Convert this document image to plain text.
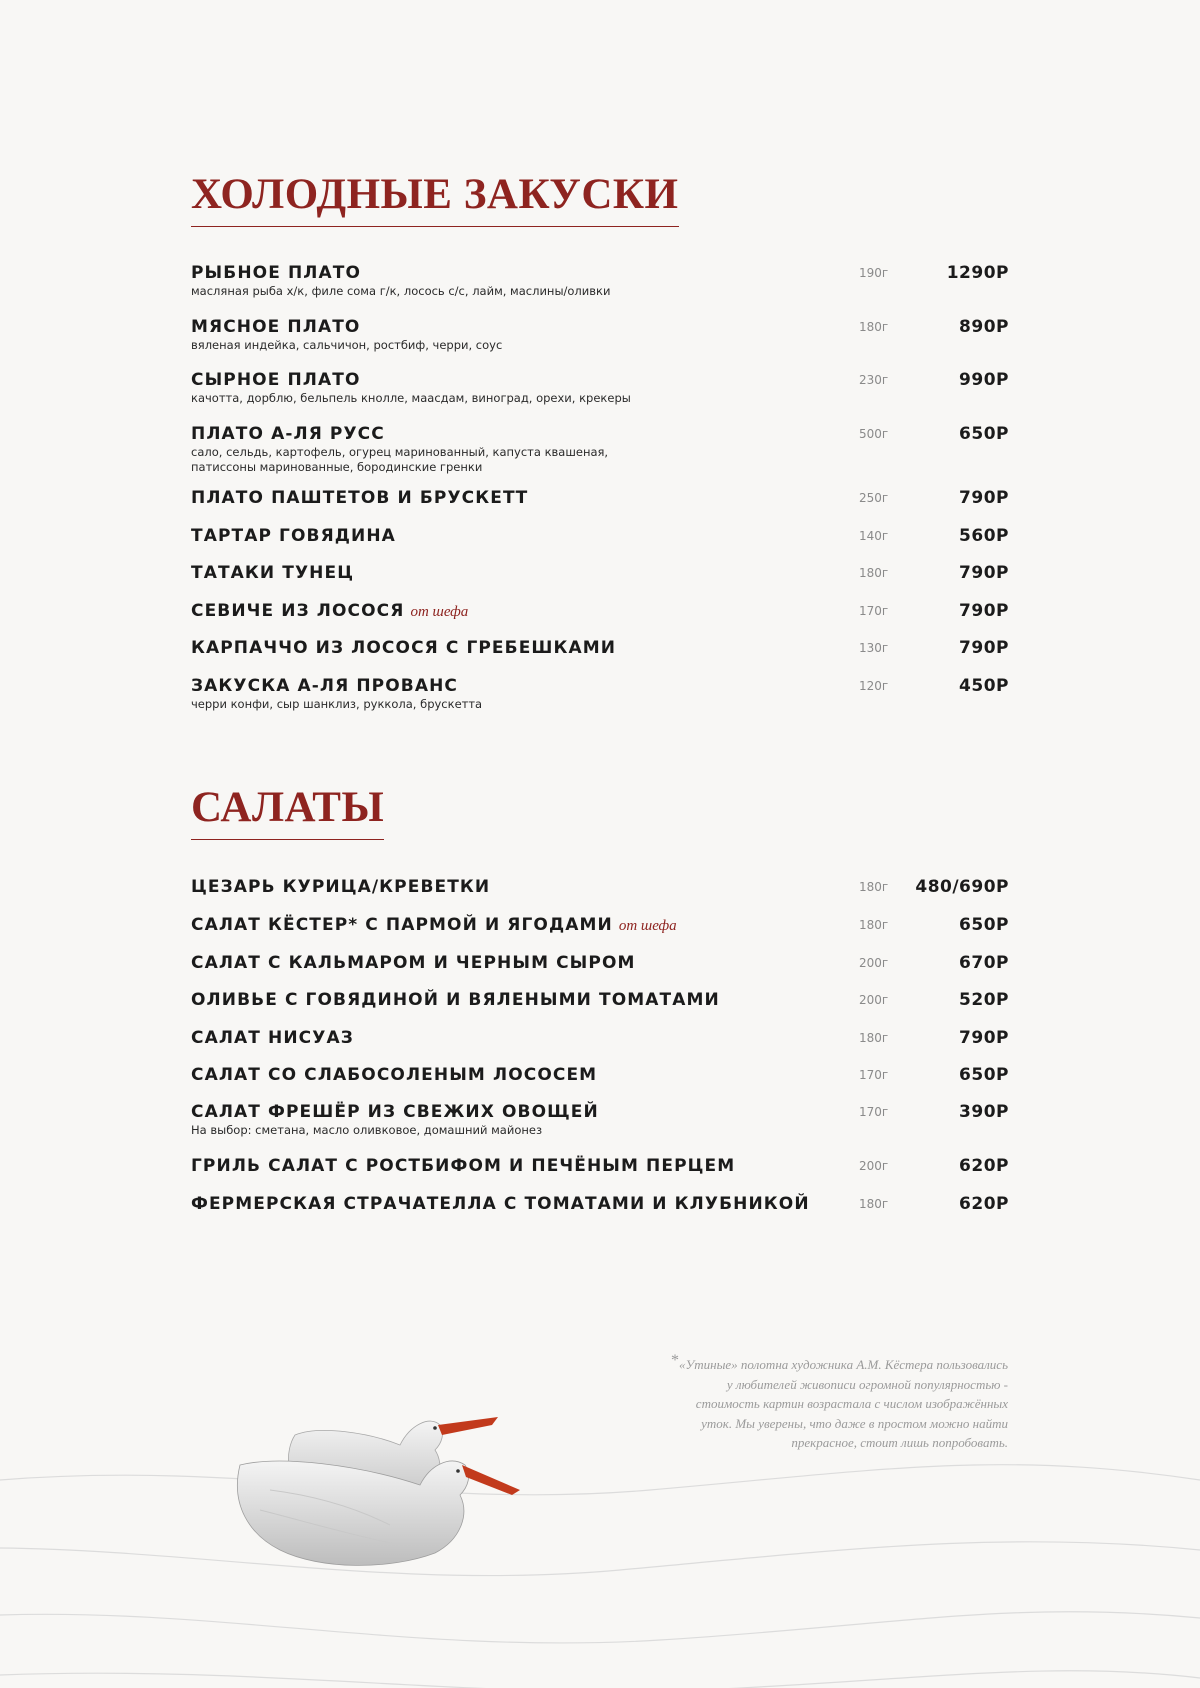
ХОЛОДНЫЕ ЗАКУСКИ
РЫБНОЕ ПЛАТО
масляная рыба х/к, филе сома г/к, лосось с/с, лайм, маслины/оливки
190г	1290Р
МЯСНОЕ ПЛАТО
вяленая индейка, сальчичон, ростбиф, черри, соус
180г	890Р
СЫРНОЕ ПЛАТО
качотта, дорблю, бельпель кнолле, маасдам, виноград, орехи, крекеры
230г	990Р
ПЛАТО А-ЛЯ РУСС
сало, сельдь, картофель, огурец маринованный, капуста квашеная,
патиссоны маринованные, бородинские гренки
500г	650Р
ПЛАТО ПАШТЕТОВ И БРУСКЕТТ	250г	790Р
ТАРТАР ГОВЯДИНА	140г	560Р
ТАТАКИ ТУНЕЦ	180г	790Р
СЕВИЧЕ ИЗ ЛОСОСЯ от шефа	170г	790Р
КАРПАЧЧО ИЗ ЛОСОСЯ С ГРЕБЕШКАМИ	130г	790Р
ЗАКУСКА А-ЛЯ ПРОВАНС
черри конфи, сыр шанклиз, руккола, брускетта
120г	450Р
ЦЕЗАРЬ КУРИЦА/КРЕВЕТКИ	180г 480/690Р
САЛАТ КЁСТЕР* С ПАРМОЙ И ЯГОДАМИ от шефа	180г	650Р
САЛАТ С КАЛЬМАРОМ И ЧЕРНЫМ СЫРОМ	200г	670Р
ОЛИВЬЕ С ГОВЯДИНОЙ И ВЯЛЕНЫМИ ТОМАТАМИ	200г	520Р
САЛАТ НИСУАЗ	180г	790Р
САЛАТ СО СЛАБОСОЛЕНЫМ ЛОСОСЕМ	170г	650Р
САЛАТ ФРЕШЁР ИЗ СВЕЖИХ ОВОЩЕЙ
На выбор: сметана, масло оливковое, домашний майонез
170г	390Р
ГРИЛЬ САЛАТ С РОСТБИФОМ И ПЕЧЁНЫМ ПЕРЦЕМ	200г	620Р
ФЕРМЕРСКАЯ СТРАЧАТЕЛЛА С ТОМАТАМИ И КЛУБНИКОЙ	180г	620Р
*«Утиные» полотна художника А.М. Кёстера пользовались
у любителей живописи огромной популярностью -
стоимость картин возрастала с числом изображённых
уток. Мы уверены, что даже в простом можно найти
прекрасное, стоит лишь попробовать.
САЛАТЫ
